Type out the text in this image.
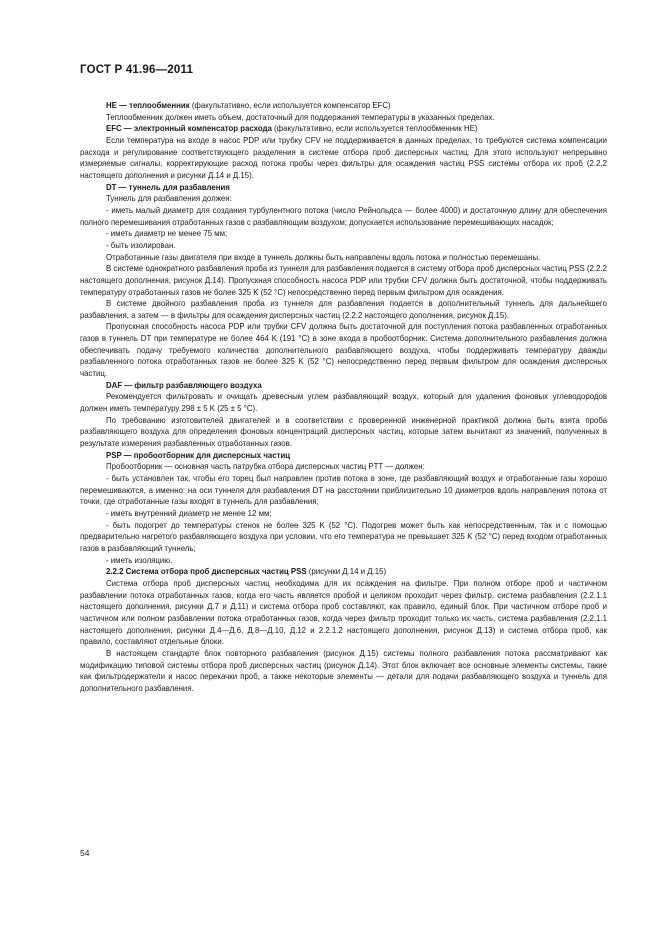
ГОСТ Р 41.96—2011

HE — теплообменник (факультативно, если используется компенсатор EFC)

Теплообменник должен иметь объем, достаточный для поддержания температуры в указанных пределах.

EFC — электронный компенсатор расхода (факультативно, если используется теплообменник HE)

Если температура на входе в насос PDP или трубку CFV не поддерживается в данных пределах, то требуются система компенсации расхода и регулирование соответствующего разделения в системе отбора проб дисперсных частиц. Для этого используют непрерывно измеряемые сигналы, корректирующие расход потока пробы через фильтры для осаждения частиц PSS системы отбора их проб (2.2.2 настоящего дополнения и рисунки Д.14 и Д.15).

DT — туннель для разбавления

Туннель для разбавления должен:

- иметь малый диаметр для создания турбулентного потока (число Рейнольдса — более 4000) и достаточную длину для обеспечения полного перемешивания отработанных газов с разбавляющим воздухом; допускается использование перемешивающих насадок;

- иметь диаметр не менее 75 мм;

- быть изолирован.

Отработанные газы двигателя при входе в туннель должны быть направлены вдоль потока и полностью перемешаны.

В системе однократного разбавления проба из туннеля для разбавления подается в систему отбора проб дисперсных частиц PSS (2.2.2 настоящего дополнения, рисунок Д.14). Пропускная способность насоса PDP или трубки CFV должна быть достаточной, чтобы поддерживать температуру отработанных газов не более 325 K (52 °C) непосредственно перед первым фильтром для осаждения.

В системе двойного разбавления проба из туннеля для разбавления подается в дополнительный туннель для дальнейшего разбавления, а затем — в фильтры для осаждения дисперсных частиц (2.2.2 настоящего дополнения, рисунок Д.15).

Пропускная способность насоса PDP или трубки CFV должна быть достаточной для поступления потока разбавленных отработанных газов в туннель DT при температуре не более 464 K (191 °C) в зоне входа в пробоотборник. Система дополнительного разбавления должна обеспечивать подачу требуемого количества дополнительного разбавляющего воздуха, чтобы поддерживать температуру дважды разбавленного потока отработанных газов не более 325 K (52 °C) непосредственно перед первым фильтром для осаждения дисперсных частиц.

DAF — фильтр разбавляющего воздуха

Рекомендуется фильтровать и очищать древесным углем разбавляющий воздух, который для удаления фоновых углеводородов должен иметь температуру 298 ± 5 K (25 ± 5 °C).

По требованию изготовителей двигателей и в соответствии с проверенной инженерной практикой должна быть взята проба разбавляющего воздуха для определения фоновых концентраций дисперсных частиц, которые затем вычитают из значений, полученных в результате измерения разбавленных отработанных газов.

PSP — пробоотборник для дисперсных частиц

Пробоотборник — основная часть патрубка отбора дисперсных частиц PTT — должен:

- быть установлен так, чтобы его торец был направлен против потока в зоне, где разбавляющий воздух и отработанные газы хорошо перемешиваются, а именно: на оси туннеля для разбавления DT на расстоянии приблизительно 10 диаметров вдоль направления потока от точки, где отработанные газы входят в туннель для разбавления;

- иметь внутренний диаметр не менее 12 мм;

- быть подогрет до температуры стенок не более 325 K (52 °C). Подогрев может быть как непосредственным, так и с помощью предварительно нагретого разбавляющего воздуха при условии, что его температура не превышает 325 K (52 °C) перед входом отработанных газов в разбавляющий туннель;

- иметь изоляцию.

2.2.2 Система отбора проб дисперсных частиц PSS (рисунки Д.14 и Д.15)

Система отбора проб дисперсных частиц необходима для их осаждения на фильтре. При полном отборе проб и частичном разбавлении потока отработанных газов, когда его часть является пробой и целиком проходит через фильтр, система разбавления (2.2.1.1 настоящего дополнения, рисунки Д.7 и Д.11) и система отбора проб составляют, как правило, единый блок. При частичном отборе проб и частичном или полном разбавлении потока отработанных газов, когда через фильтр проходит только их часть, система разбавления (2.2.1.1 настоящего дополнения, рисунки Д.4—Д.6, Д.8—Д.10, Д.12 и 2.2.1.2 настоящего дополнения, рисунок Д.13) и система отбора проб, как правило, составляют отдельные блоки.

В настоящем стандарте блок повторного разбавления (рисунок Д.15) системы полного разбавления потока рассматривают как модификацию типовой системы отбора проб дисперсных частиц (рисунок Д.14). Этот блок включает все основные элементы системы, такие как фильтродержатели и насос перекачки проб, а также некоторые элементы — детали для подачи разбавляющего воздуха и туннель для дополнительного разбавления.

54
